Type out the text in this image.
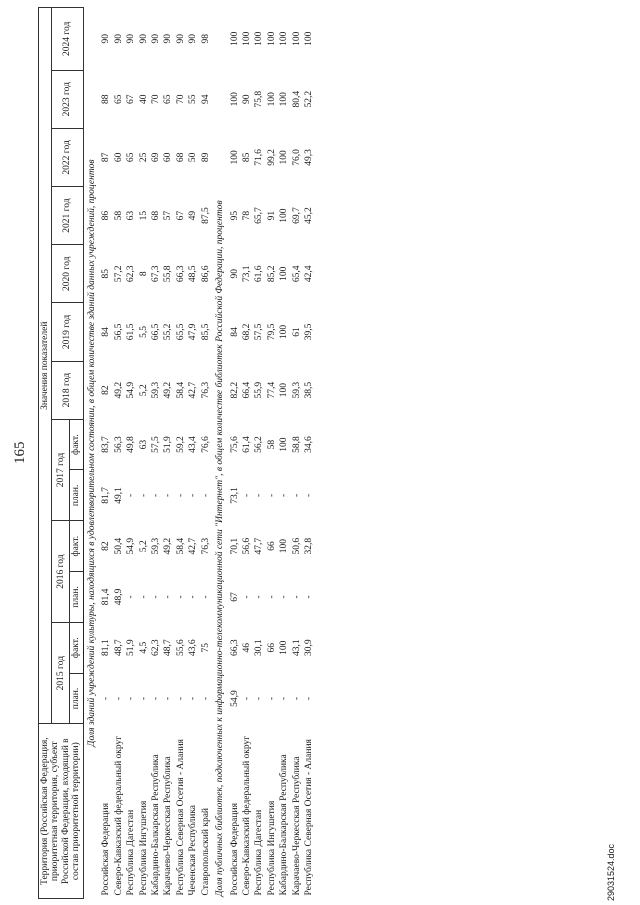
165
29031524.doc
Территория (Российская Федерация, приоритетная территория, субъект Российской Федерации, входящий в состав приоритетной территории)	Значения показателей												
	2015 год		2016 год		2017 год		2018 год	2019 год	2020 год	2021 год	2022 год	2023 год	2024 год
	план.	факт.	план.	факт.	план.	факт.							
Доля зданий учреждений культуры, находящихся в удовлетворительном состоянии, в общем количестве зданий данных учреждений, процентов													
Российская Федерация	-	81,1	81,4	82	81,7	83,7	82	84	85	86	87	88	90
Северо-Кавказский федеральный округ	-	48,7	48,9	50,4	49,1	56,3	49,2	56,5	57,2	58	60	65	90
Республика Дагестан	-	51,9	-	54,9	-	49,8	54,9	61,5	62,3	63	65	67	90
Республика Ингушетия	-	4,5	-	5,2	-	63	5,2	5,5	8	15	25	40	90
Кабардино-Балкарская Республика	-	62,3	-	59,3	-	57,5	59,3	66,5	67,3	68	69	70	90
Карачаево-Черкесская Республика	-	48,7	-	49,2	-	51,9	49,2	55,2	55,8	57	60	65	90
Республика Северная Осетия - Алания	-	55,6	-	58,4	-	59,2	58,4	65,5	66,3	67	68	70	90
Чеченская Республика	-	43,6	-	42,7	-	43,4	42,7	47,9	48,5	49	50	55	90
Ставропольский край	-	75	-	76,3	-	76,6	76,3	85,5	86,6	87,5	89	94	98
Доля публичных библиотек, подключенных к информационно-телекоммуникационной сети "Интернет", в общем количестве библиотек Российской Федерации, процентов													
Российская Федерация	54,9	66,3	67	70,1	73,1	75,6	82,2	84	90	95	100	100	100
Северо-Кавказский федеральный округ	-	46	-	56,6	-	61,4	66,4	68,2	73,1	78	85	90	100
Республика Дагестан	-	30,1	-	47,7	-	56,2	55,9	57,5	61,6	65,7	71,6	75,8	100
Республика Ингушетия	-	66	-	66	-	58	77,4	79,5	85,2	91	99,2	100	100
Кабардино-Балкарская Республика	-	100	-	100	-	100	100	100	100	100	100	100	100
Карачаево-Черкесская Республика	-	43,1	-	50,6	-	58,8	59,3	61	65,4	69,7	76,0	80,4	100
Республика Северная Осетия - Алания	-	30,9	-	32,8	-	34,6	38,5	39,5	42,4	45,2	49,3	52,2	100
